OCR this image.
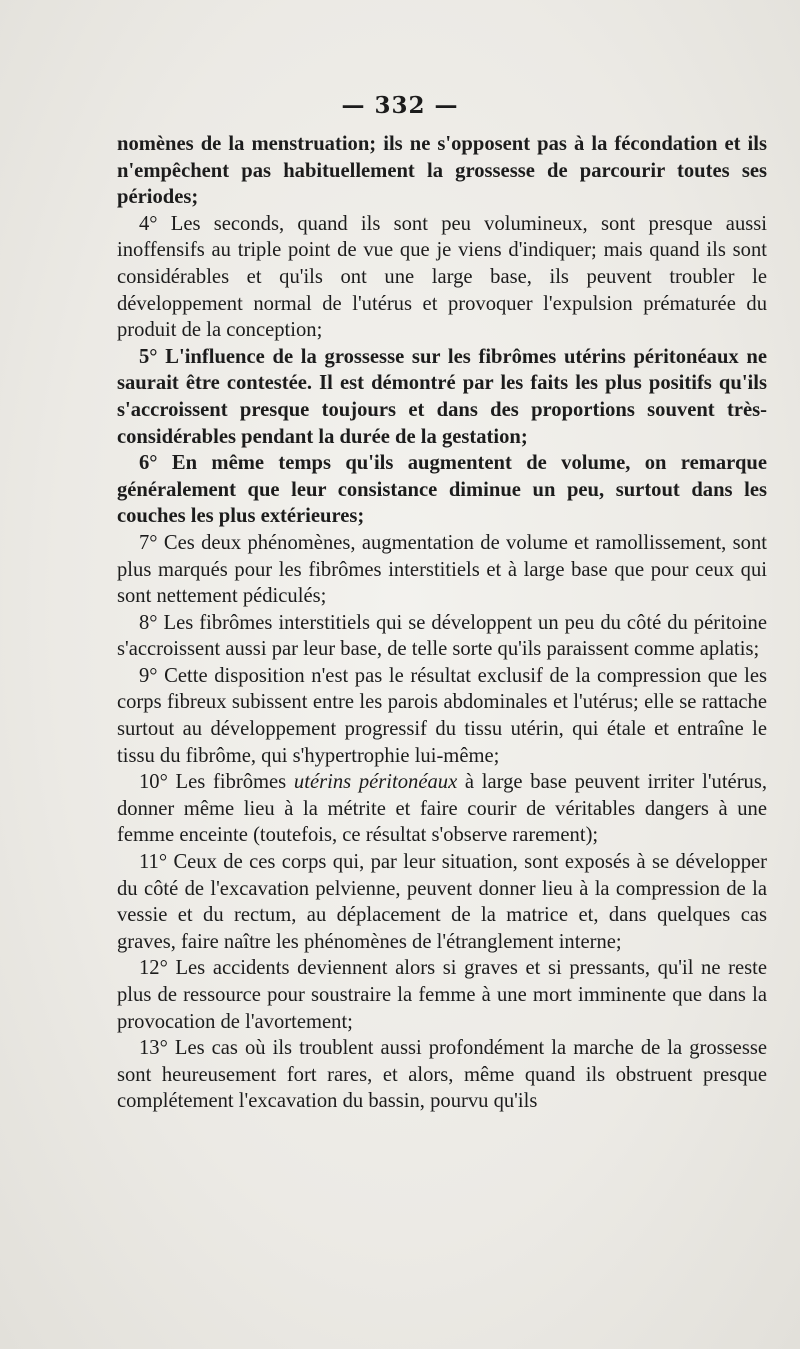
— 332 —

nomènes de la menstruation; ils ne s'opposent pas à la fécondation et ils n'empêchent pas habituellement la grossesse de parcourir toutes ses périodes;

4° Les seconds, quand ils sont peu volumineux, sont presque aussi inoffensifs au triple point de vue que je viens d'indiquer; mais quand ils sont considérables et qu'ils ont une large base, ils peuvent troubler le développement normal de l'utérus et provoquer l'expulsion prématurée du produit de la conception;

5° L'influence de la grossesse sur les fibrômes utérins péritonéaux ne saurait être contestée. Il est démontré par les faits les plus positifs qu'ils s'accroissent presque toujours et dans des proportions souvent très-considérables pendant la durée de la gestation;

6° En même temps qu'ils augmentent de volume, on remarque généralement que leur consistance diminue un peu, surtout dans les couches les plus extérieures;

7° Ces deux phénomènes, augmentation de volume et ramollissement, sont plus marqués pour les fibrômes interstitiels et à large base que pour ceux qui sont nettement pédiculés;

8° Les fibrômes interstitiels qui se développent un peu du côté du péritoine s'accroissent aussi par leur base, de telle sorte qu'ils paraissent comme aplatis;

9° Cette disposition n'est pas le résultat exclusif de la compression que les corps fibreux subissent entre les parois abdominales et l'utérus; elle se rattache surtout au développement progressif du tissu utérin, qui étale et entraîne le tissu du fibrôme, qui s'hypertrophie lui-même;

10° Les fibrômes utérins péritonéaux à large base peuvent irriter l'utérus, donner même lieu à la métrite et faire courir de véritables dangers à une femme enceinte (toutefois, ce résultat s'observe rarement);

11° Ceux de ces corps qui, par leur situation, sont exposés à se développer du côté de l'excavation pelvienne, peuvent donner lieu à la compression de la vessie et du rectum, au déplacement de la matrice et, dans quelques cas graves, faire naître les phénomènes de l'étranglement interne;

12° Les accidents deviennent alors si graves et si pressants, qu'il ne reste plus de ressource pour soustraire la femme à une mort imminente que dans la provocation de l'avortement;

13° Les cas où ils troublent aussi profondément la marche de la grossesse sont heureusement fort rares, et alors, même quand ils obstruent presque complétement l'excavation du bassin, pourvu qu'ils
